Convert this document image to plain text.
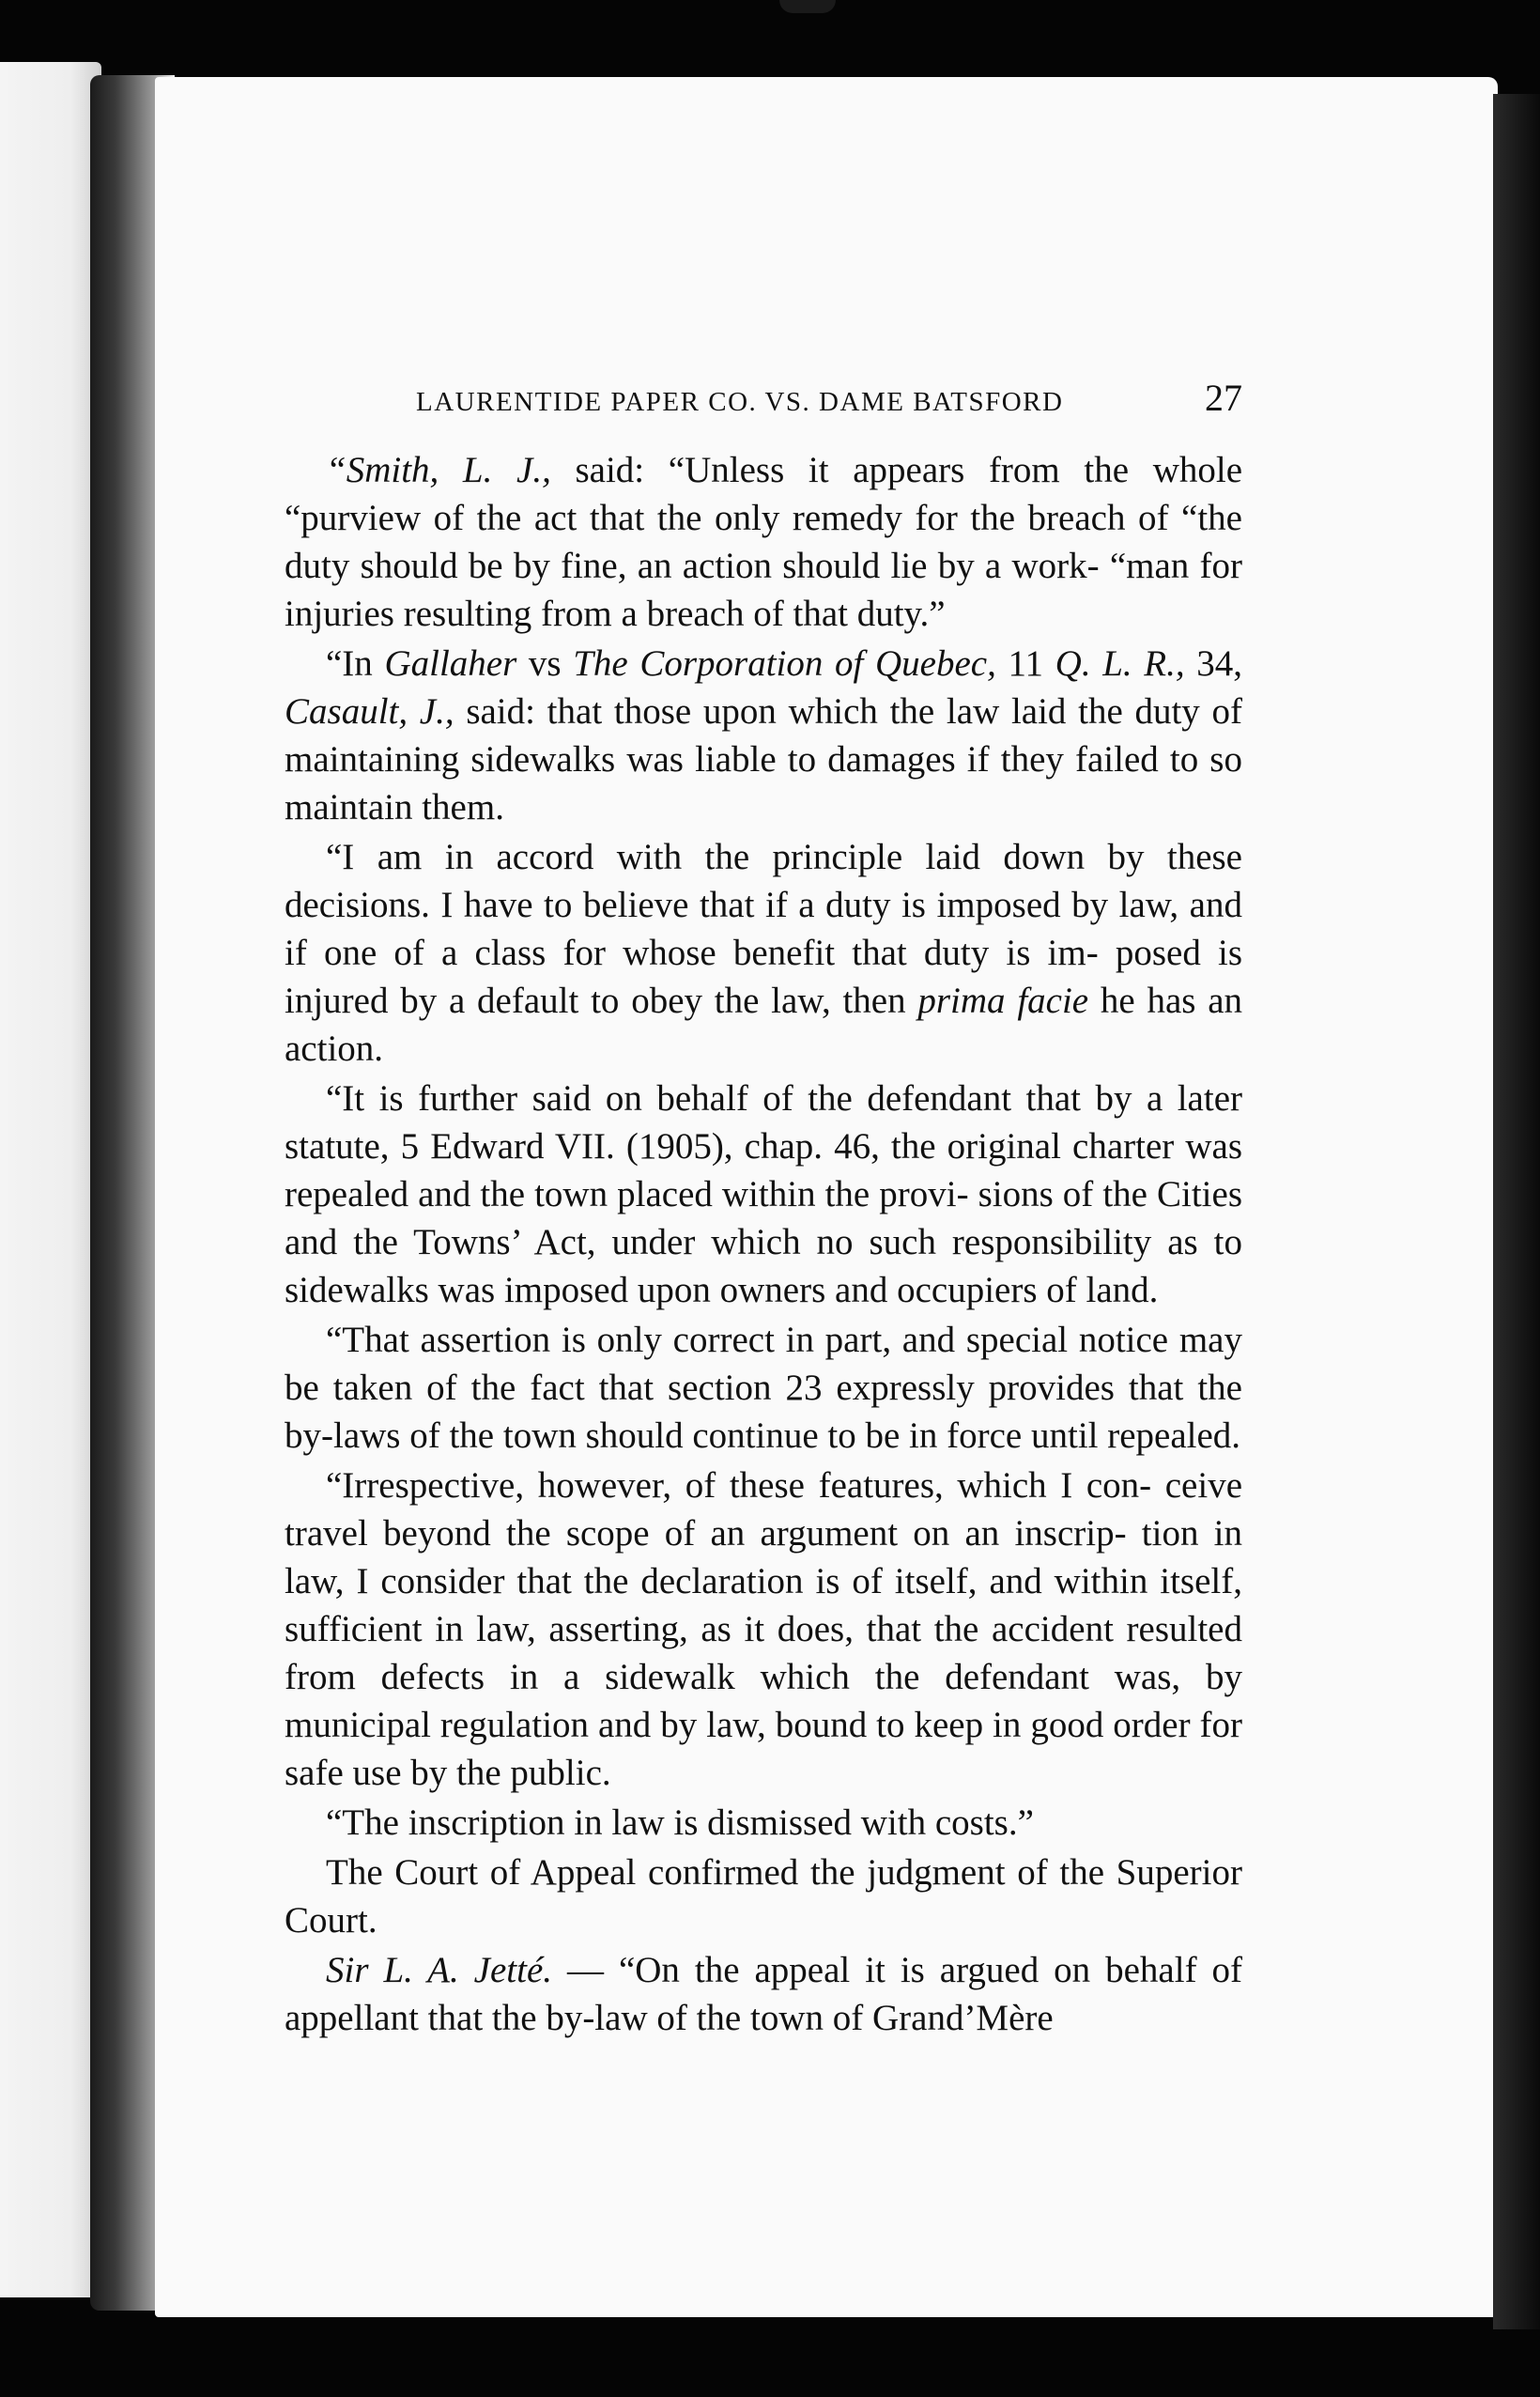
LAURENTIDE PAPER CO. VS. DAME BATSFORD	27

“Smith, L. J., said: “Unless it appears from the whole “purview of the act that the only remedy for the breach of “the duty should be by fine, an action should lie by a work- “man for injuries resulting from a breach of that duty.”

“In Gallaher vs The Corporation of Quebec, 11 Q. L. R., 34, Casault, J., said: that those upon which the law laid the duty of maintaining sidewalks was liable to damages if they failed to so maintain them.

“I am in accord with the principle laid down by these decisions. I have to believe that if a duty is imposed by law, and if one of a class for whose benefit that duty is im- posed is injured by a default to obey the law, then prima facie he has an action.

“It is further said on behalf of the defendant that by a later statute, 5 Edward VII. (1905), chap. 46, the original charter was repealed and the town placed within the provi- sions of the Cities and the Towns’ Act, under which no such responsibility as to sidewalks was imposed upon owners and occupiers of land.

“That assertion is only correct in part, and special notice may be taken of the fact that section 23 expressly provides that the by-laws of the town should continue to be in force until repealed.

“Irrespective, however, of these features, which I con- ceive travel beyond the scope of an argument on an inscrip- tion in law, I consider that the declaration is of itself, and within itself, sufficient in law, asserting, as it does, that the accident resulted from defects in a sidewalk which the defendant was, by municipal regulation and by law, bound to keep in good order for safe use by the public.

“The inscription in law is dismissed with costs.”

The Court of Appeal confirmed the judgment of the Superior Court.

Sir L. A. Jetté. — “On the appeal it is argued on behalf of appellant that the by-law of the town of Grand’Mère
